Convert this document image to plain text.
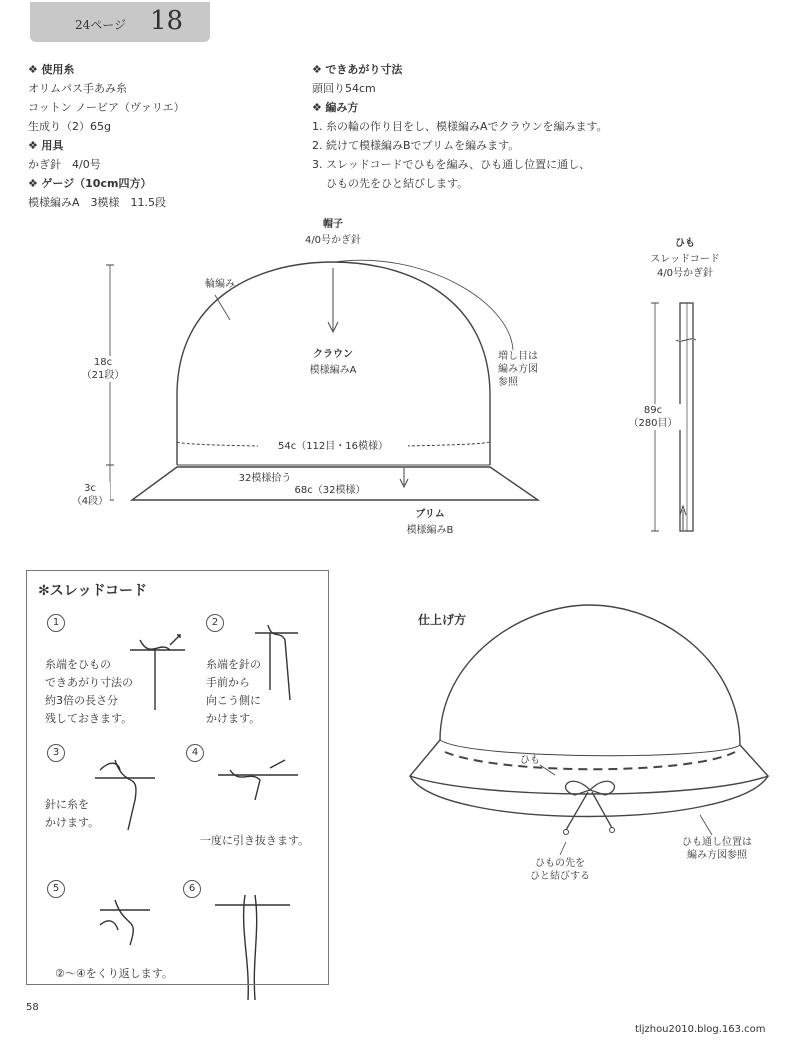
24ページ 18
❖ 使用糸
オリムパス手あみ糸
コットン ノービア（ヴァリエ）
生成り（2）65g
❖ 用具
かぎ針　4/0号
❖ ゲージ（10cm四方）
模様編みA　3模様　11.5段
❖ できあがり寸法
頭回り54cm
❖ 編み方
1. 糸の輪の作り目をし、模様編みAでクラウンを編みます。
2. 続けて模様編みBでブリムを編みます。
3. スレッドコードでひもを編み、ひも通し位置に通し、
ひもの先をひと結びします。
帽子
4/0号かぎ針
輪編み
クラウン
模様編みA
増し目は
編み方図
参照
18c
（21段）
54c（112目・16模様）
32模様拾う
68c（32模様）
3c
（4段）
ブリム
模様編みB
ひも
スレッドコード
4/0号かぎ針
89c
（280目）
✻スレッドコード
1
糸端をひもの
できあがり寸法の
約3倍の長さ分
残しておきます。
2
糸端を針の
手前から
向こう側に
かけます。
3
針に糸を
かけます。
4
一度に引き抜きます。
5	6
②～④をくり返します。
仕上げ方
ひも
ひもの先を
ひと結びする
ひも通し位置は
編み方図参照
58
tljzhou2010.blog.163.com
